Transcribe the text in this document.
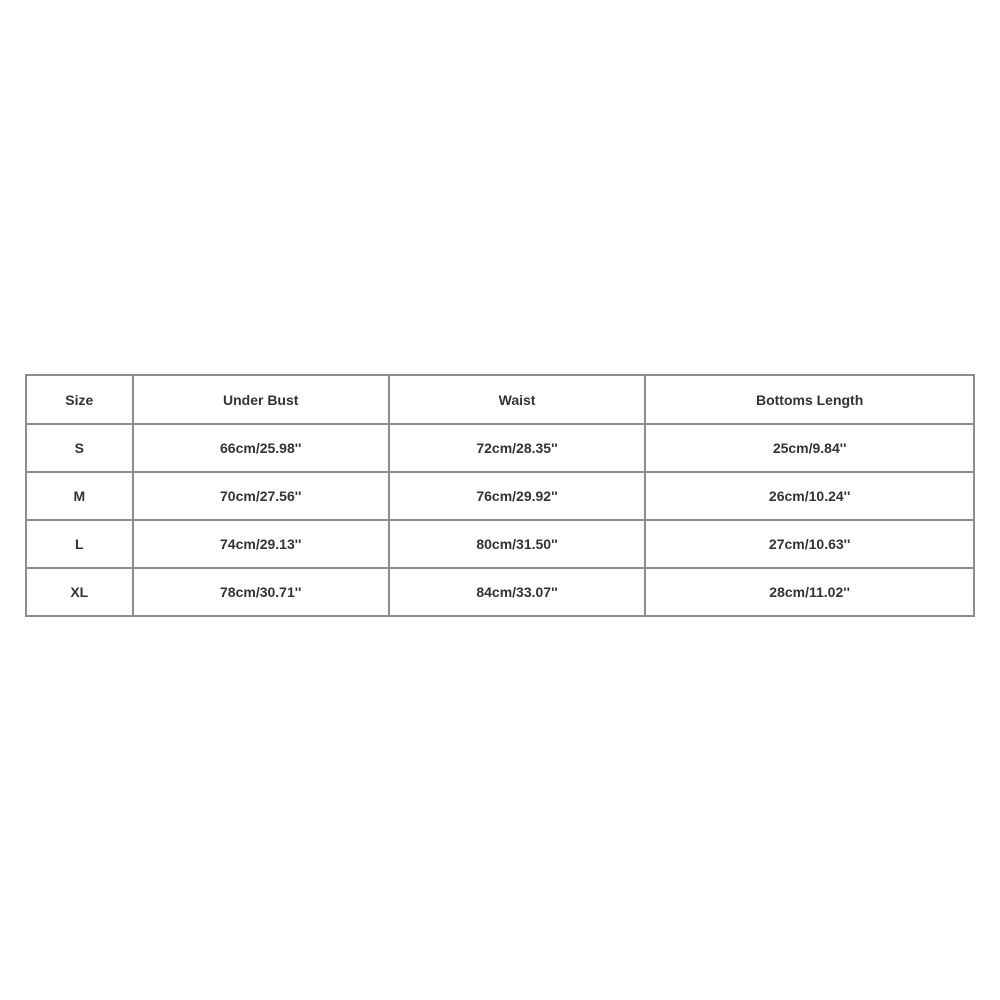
Size	Under Bust	Waist	Bottoms Length
S	66cm/25.98''	72cm/28.35''	25cm/9.84''
M	70cm/27.56''	76cm/29.92''	26cm/10.24''
L	74cm/29.13''	80cm/31.50''	27cm/10.63''
XL	78cm/30.71''	84cm/33.07''	28cm/11.02''
